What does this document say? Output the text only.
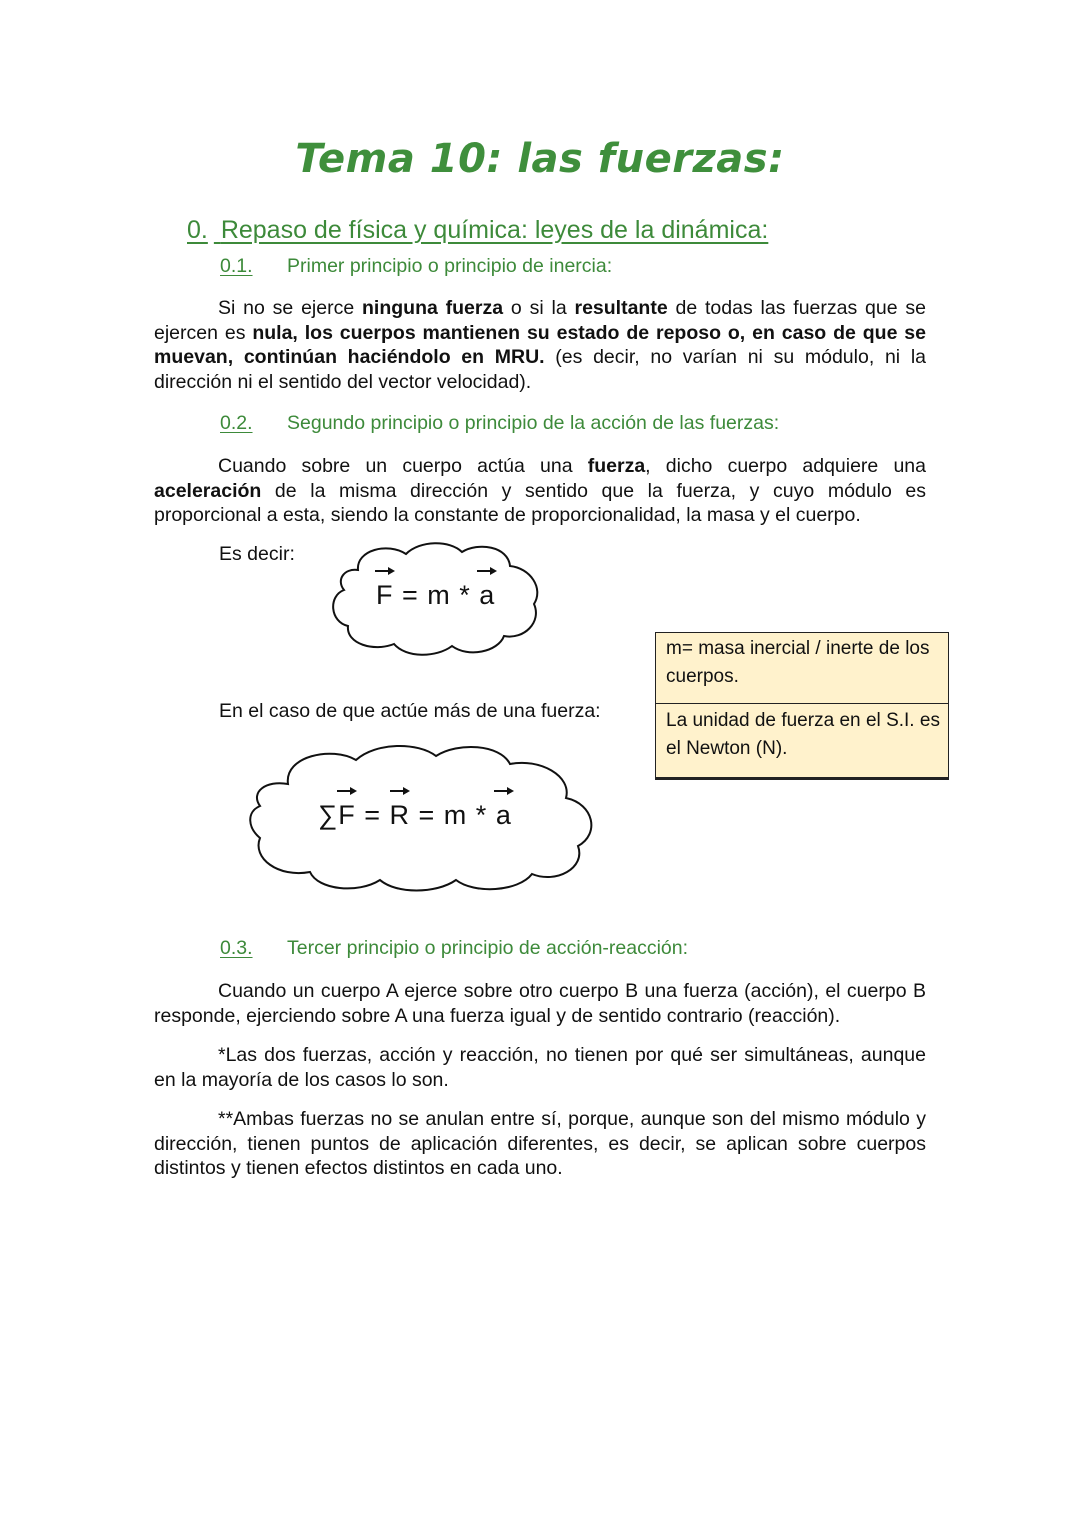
Tema 10: las fuerzas:
0. Repaso de física y química: leyes de la dinámica:
0.1. Primer principio o principio de inercia:
Si no se ejerce ninguna fuerza o si la resultante de todas las fuerzas que se ejercen es nula, los cuerpos mantienen su estado de reposo o, en caso de que se muevan, continúan haciéndolo en MRU. (es decir, no varían ni su módulo, ni la dirección ni el sentido del vector velocidad).
0.2. Segundo principio o principio de la acción de las fuerzas:
Cuando sobre un cuerpo actúa una fuerza, dicho cuerpo adquiere una aceleración de la misma dirección y sentido que la fuerza, y cuyo módulo es proporcional a esta, siendo la constante de proporcionalidad, la masa y el cuerpo.
Es decir:
F = m *
a
m= masa inercial / inerte de los cuerpos.
La unidad de fuerza en el S.I. es el Newton (N).
En el caso de que actúe más de una fuerza:
∑
F =
R = m *
a
0.3. Tercer principio o principio de acción-reacción:
Cuando un cuerpo A ejerce sobre otro cuerpo B una fuerza (acción), el cuerpo B responde, ejerciendo sobre A una fuerza igual y de sentido contrario (reacción).
*Las dos fuerzas, acción y reacción, no tienen por qué ser simultáneas, aunque en la mayoría de los casos lo son.
**Ambas fuerzas no se anulan entre sí, porque, aunque son del mismo módulo y dirección, tienen puntos de aplicación diferentes, es decir, se aplican sobre cuerpos distintos y tienen efectos distintos en cada uno.
